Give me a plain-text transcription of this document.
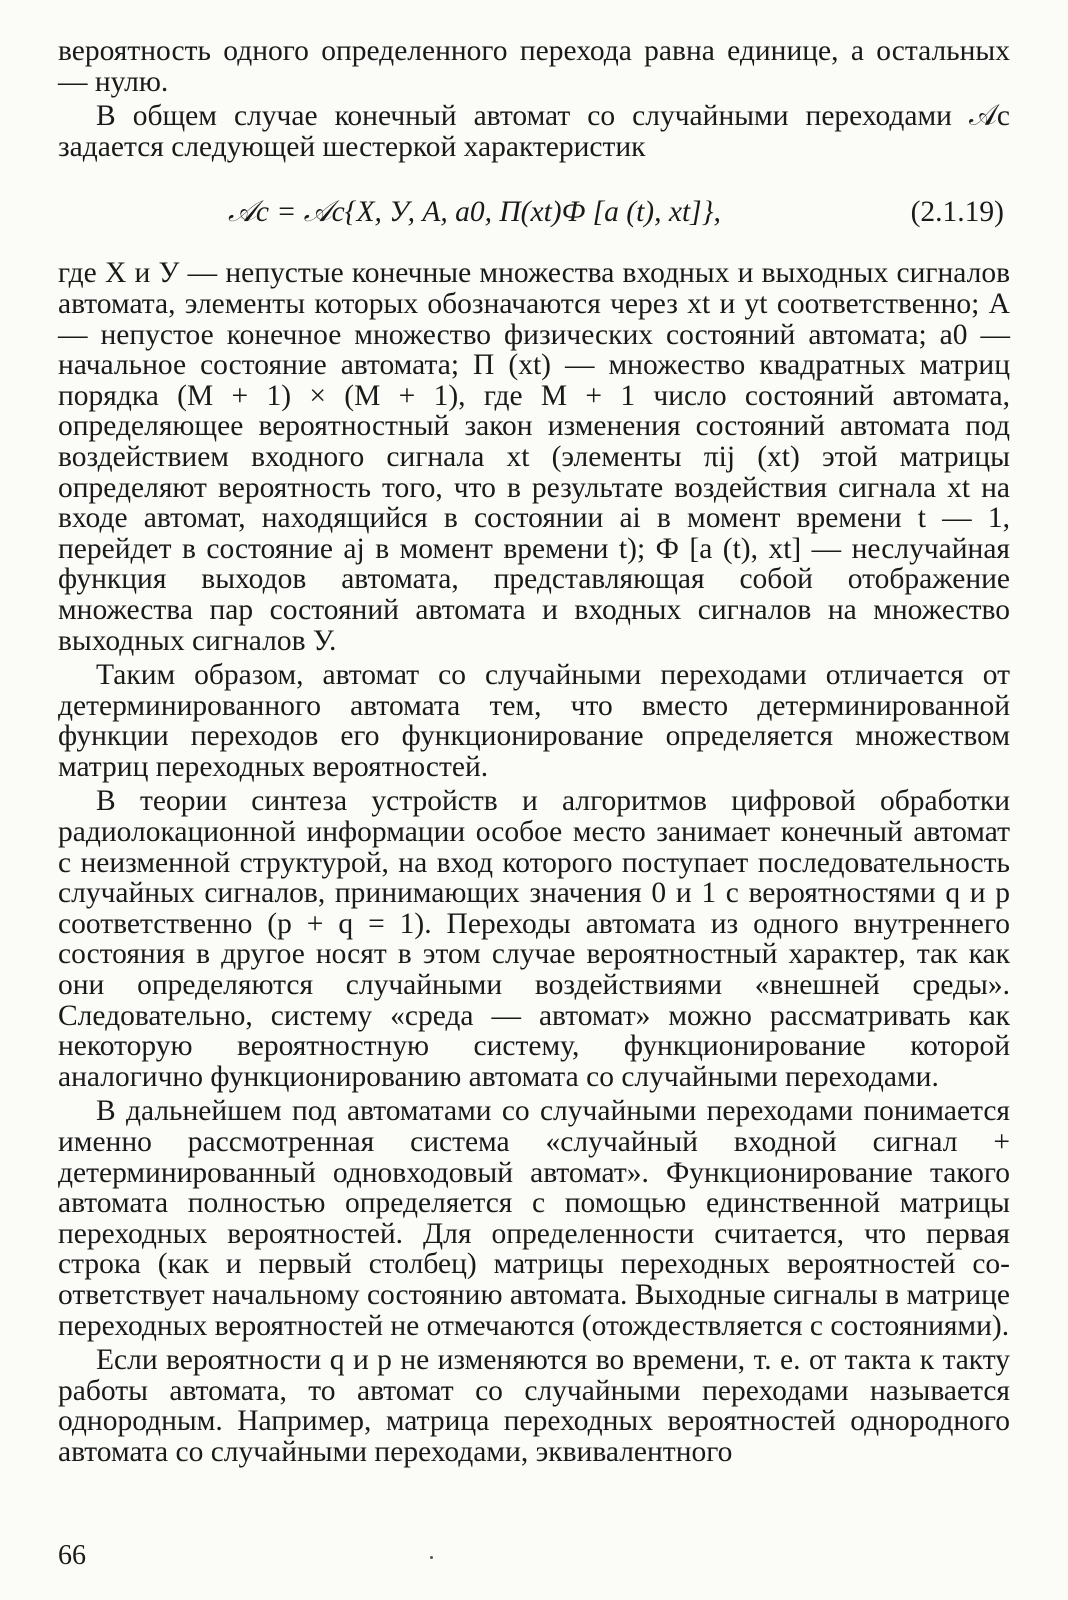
вероятность одного определенного перехода равна единице, а остальных — нулю.

В общем случае конечный автомат со случайными переходами 𝒜c задается следующей шестеркой характеристик

𝒜c = 𝒜c{X, У, A, a0, П(xt)Ф [a (t), xt]},	(2.1.19)

где X и У — непустые конечные множества входных и выходных сигналов автомата, элементы которых обозначаются через xt и yt соответственно; A — непустое конечное множество физических состояний автомата; a0 — начальное состояние автомата; П (xt) — множество квадратных матриц порядка (M + 1) × (M + 1), где M + 1 число состояний автомата, определяющее вероятностный закон изменения состояний автомата под воздействием входного сигнала xt (элементы πij (xt) этой матрицы определяют вероятность того, что в результате воздействия сигнала xt на входе автомат, находящийся в состоянии ai в момент времени t — 1, перейдет в состояние aj в момент времени t); Ф [a (t), xt] — неслучайная функция выходов автомата, представляющая собой отображение множества пар состояний автомата и входных сигналов на множество выходных сигналов У.

Таким образом, автомат со случайными переходами отличается от детерминированного автомата тем, что вместо детерминированной функции переходов его функционирование определяется множеством матриц переходных вероятностей.

В теории синтеза устройств и алгоритмов цифровой обработки радиолокационной информации особое место занимает конечный автомат с неизменной структурой, на вход которого поступает последовательность случайных сигналов, принимающих значения 0 и 1 с вероятностями q и p соответственно (p + q = 1). Переходы автомата из одного внутреннего состояния в другое носят в этом случае вероятностный характер, так как они определяются случайными воздействиями «внешней среды». Следовательно, систему «среда — автомат» можно рассматривать как некоторую вероятностную систему, функционирование которой аналогично функционированию автомата со случайными переходами.

В дальнейшем под автоматами со случайными переходами понимается именно рассмотренная система «случайный входной сигнал + детерминированный одновходовый автомат». Функционирование такого автомата полностью определяется с помощью единственной матрицы переходных вероятностей. Для определенности считается, что первая строка (как и первый столбец) матрицы переходных вероятностей соответствует начальному состоянию автомата. Выходные сигналы в матрице переходных вероятностей не отмечаются (отождествляется с состояниями).

Если вероятности q и p не изменяются во времени, т. е. от такта к такту работы автомата, то автомат со случайными переходами называется однородным. Например, матрица переходных вероятностей однородного автомата со случайными переходами, эквивалентного

66
